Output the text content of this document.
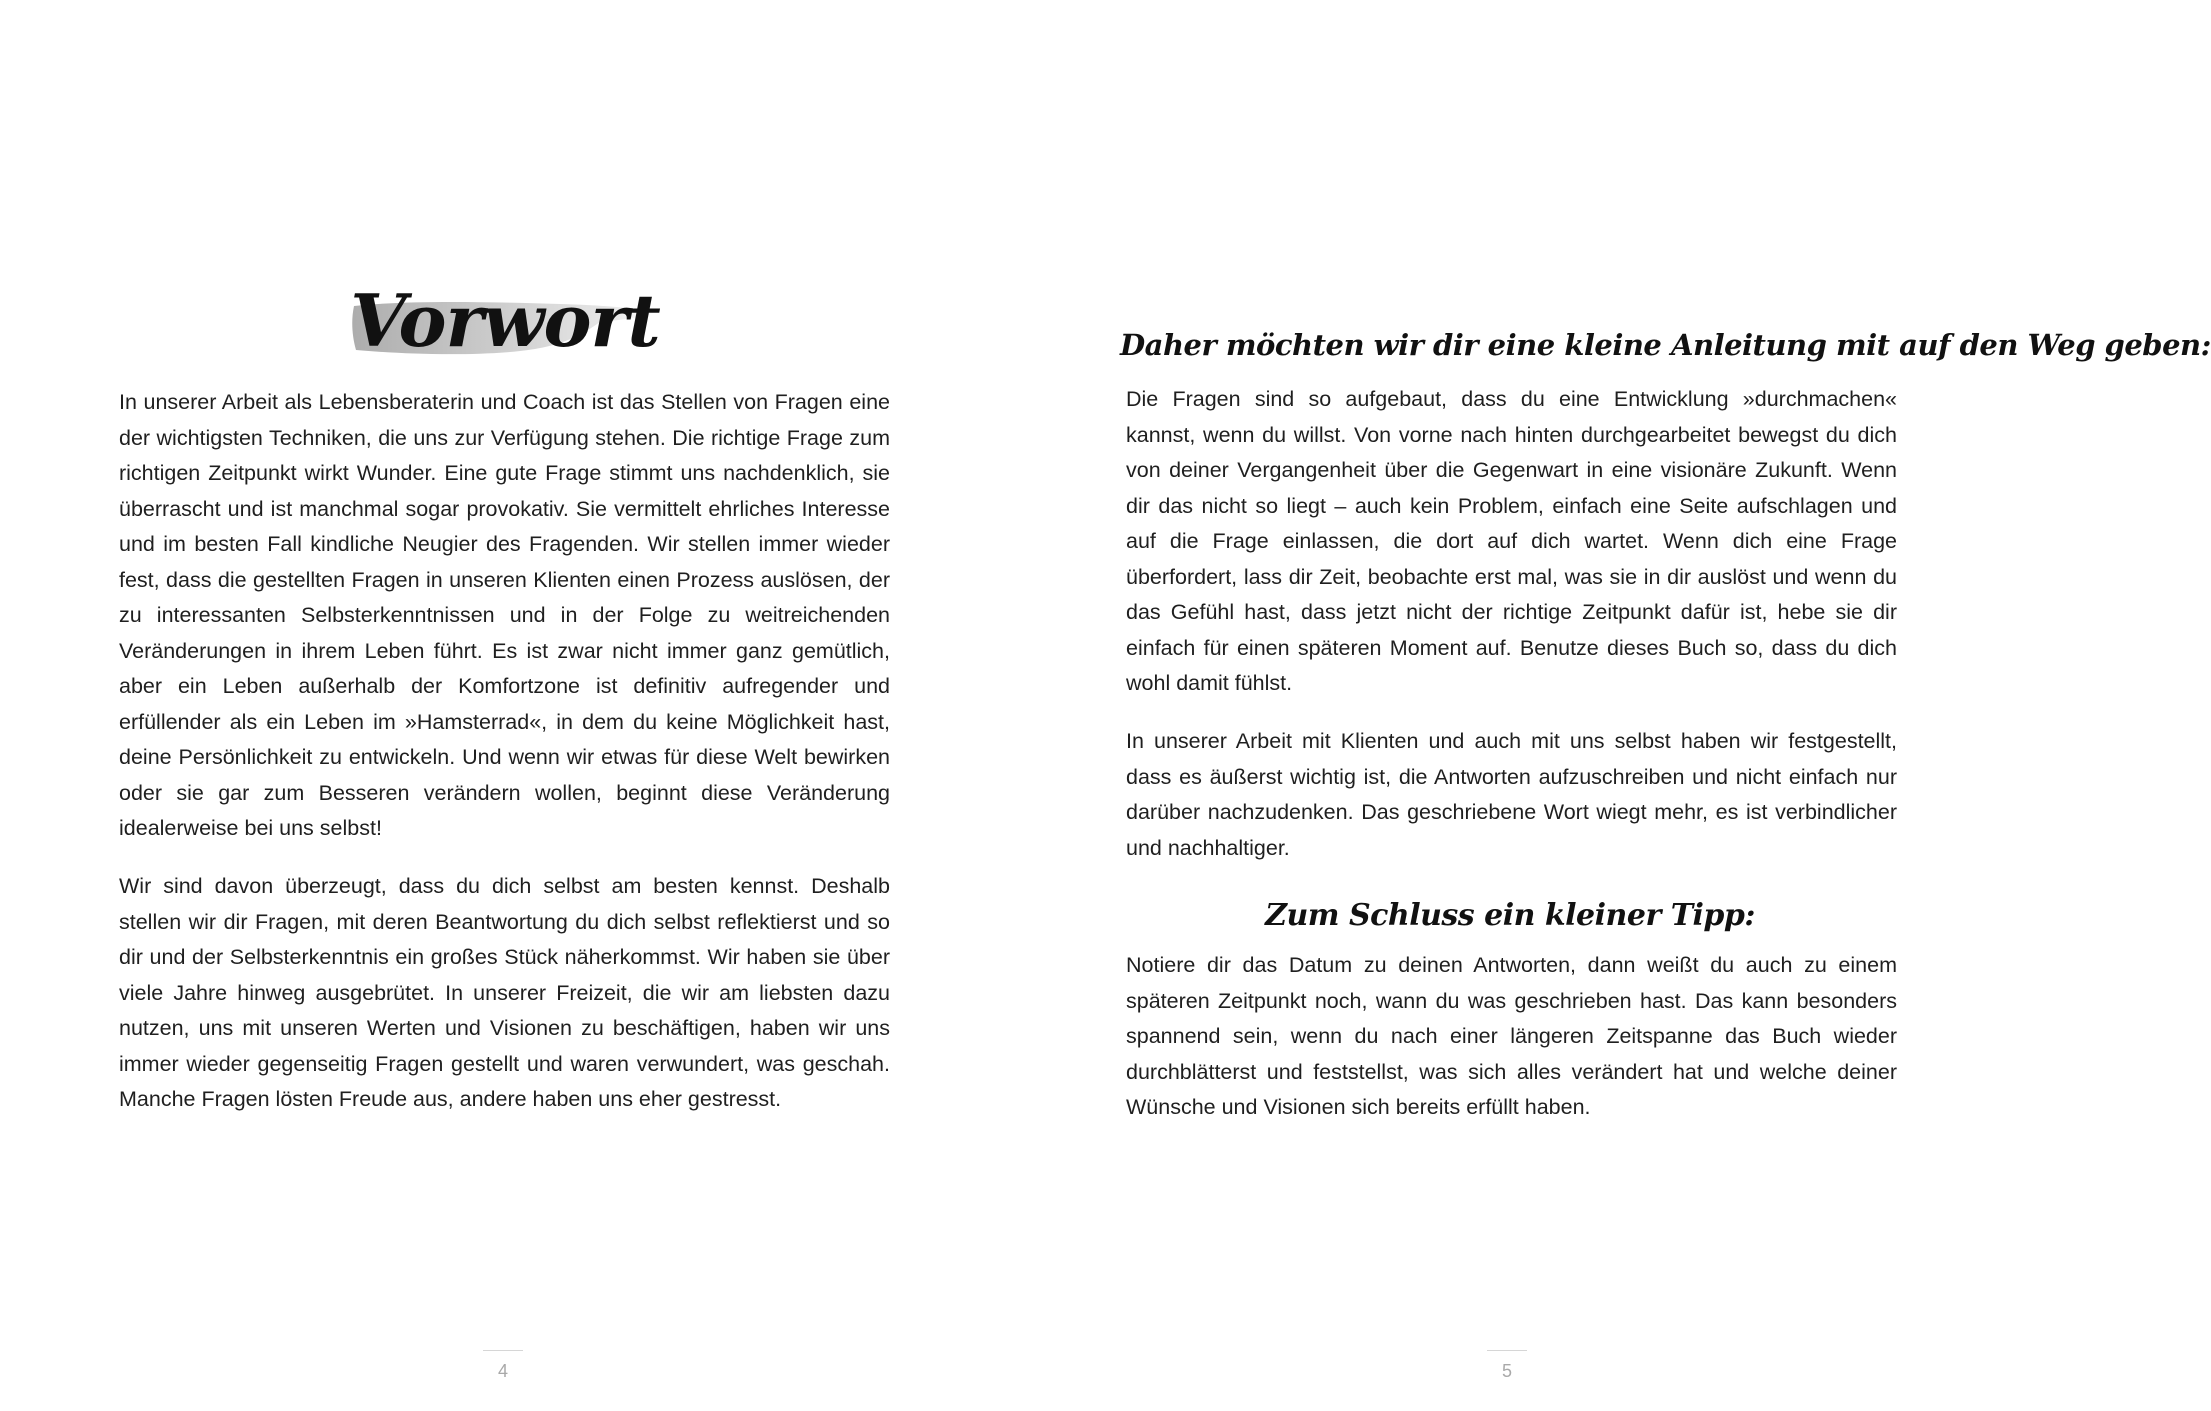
Vorwort
In unserer Arbeit als Lebensberaterin und Coach ist das Stellen von Fragen eine der wichtigsten Techniken, die uns zur Verfügung stehen. Die richtige Frage zum richtigen Zeitpunkt wirkt Wunder. Eine gute Frage stimmt uns nachdenklich, sie überrascht und ist manchmal sogar provokativ. Sie vermittelt ehrliches Interesse und im besten Fall kindliche Neugier des Fragenden. Wir stellen immer wieder fest, dass die gestellten Fragen in unseren Klienten einen Prozess auslösen, der zu interessanten Selbsterkenntnissen und in der Folge zu weitreichenden Veränderungen in ihrem Leben führt. Es ist zwar nicht immer ganz gemütlich, aber ein Leben außerhalb der Komfortzone ist definitiv aufregender und erfüllender als ein Leben im »Hamsterrad«, in dem du keine Möglichkeit hast, deine Persönlichkeit zu entwickeln. Und wenn wir etwas für diese Welt bewirken oder sie gar zum Besseren verändern wollen, beginnt diese Veränderung idealerweise bei uns selbst!
Wir sind davon überzeugt, dass du dich selbst am besten kennst. Deshalb stellen wir dir Fragen, mit deren Beantwortung du dich selbst reflektierst und so dir und der Selbsterkenntnis ein großes Stück näherkommst. Wir haben sie über viele Jahre hinweg ausgebrütet. In unserer Freizeit, die wir am liebsten dazu nutzen, uns mit unseren Werten und Visionen zu beschäftigen, haben wir uns immer wieder gegenseitig Fragen gestellt und waren verwundert, was geschah. Manche Fragen lösten Freude aus, andere haben uns eher gestresst.
4
Daher möchten wir dir eine kleine Anleitung mit auf den Weg geben:
Die Fragen sind so aufgebaut, dass du eine Entwicklung »durchmachen« kannst, wenn du willst. Von vorne nach hinten durchgearbeitet bewegst du dich von deiner Vergangenheit über die Gegenwart in eine visionäre Zukunft. Wenn dir das nicht so liegt – auch kein Problem, einfach eine Seite aufschlagen und auf die Frage einlassen, die dort auf dich wartet. Wenn dich eine Frage überfordert, lass dir Zeit, beobachte erst mal, was sie in dir auslöst und wenn du das Gefühl hast, dass jetzt nicht der richtige Zeitpunkt dafür ist, hebe sie dir einfach für einen späteren Moment auf. Benutze dieses Buch so, dass du dich wohl damit fühlst.
In unserer Arbeit mit Klienten und auch mit uns selbst haben wir festgestellt, dass es äußerst wichtig ist, die Antworten aufzuschreiben und nicht einfach nur darüber nachzudenken. Das geschriebene Wort wiegt mehr, es ist verbindlicher und nachhaltiger.
Zum Schluss ein kleiner Tipp:
Notiere dir das Datum zu deinen Antworten, dann weißt du auch zu einem späteren Zeitpunkt noch, wann du was geschrieben hast. Das kann besonders spannend sein, wenn du nach einer längeren Zeitspanne das Buch wieder durchblätterst und feststellst, was sich alles verändert hat und welche deiner Wünsche und Visionen sich bereits erfüllt haben.
5
